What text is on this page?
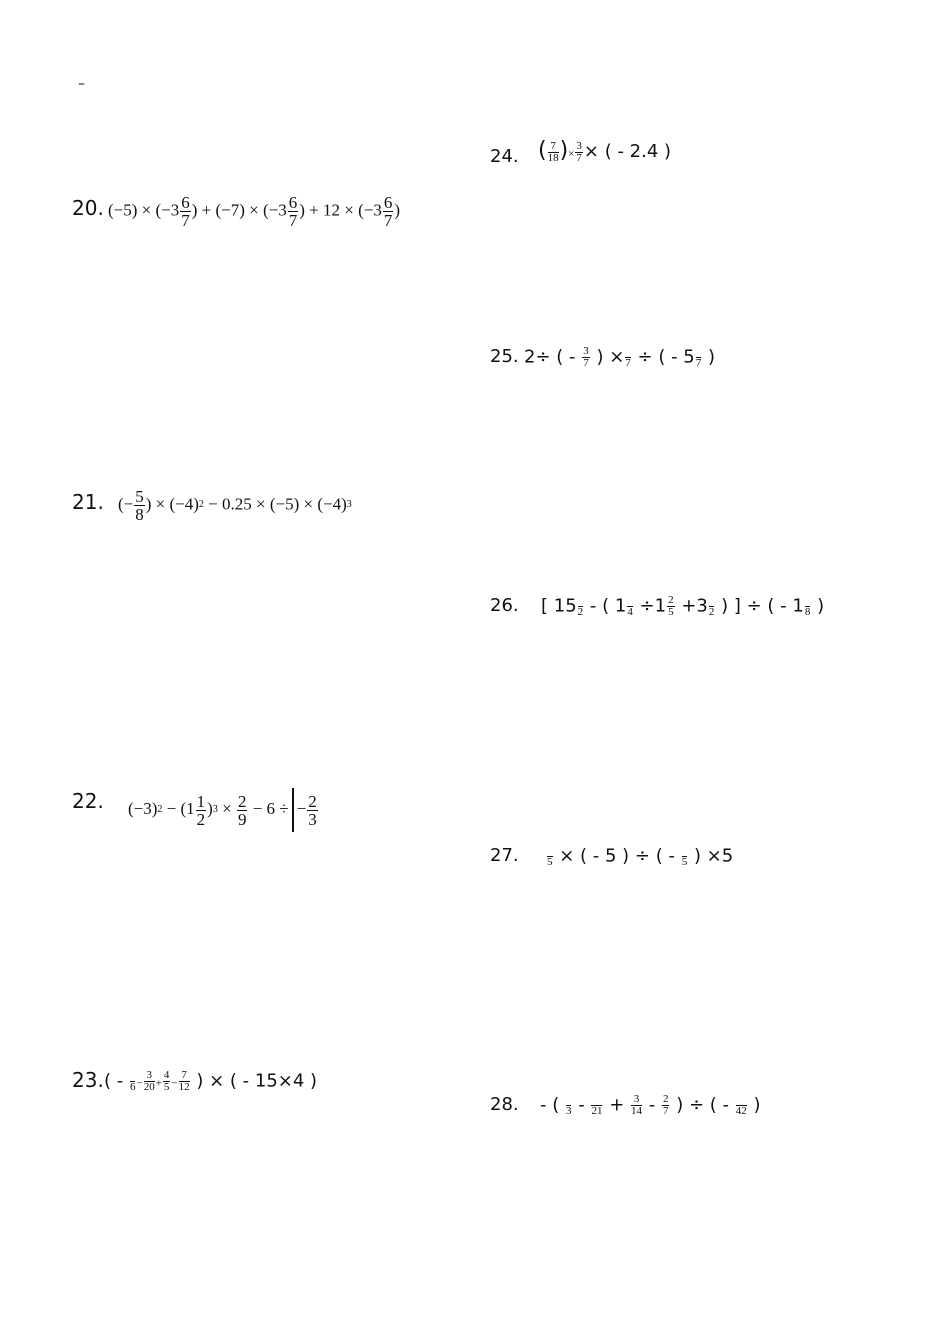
–
20. $(-5) \times (-3 \frac{6}{7}$ ) + $(-7) \times (-3 \frac{6}{7}$ ) + $12 \times (-3 \frac{6}{7}$ )
21. (− $\frac{5}{8}$ ) × (−4)2 − 0.25 × (−5) × (−4)3
22. $(-3)2 - (1 \frac{1}{2} )3 \times \frac{2}{9} - 6$ ÷ − $\frac{2}{3}$
23. ( -
$6 - \frac{3}{20} + \frac{4}{5} - \frac{7}{12}$ ) × ( - 15×4 )
24. ( $\frac{7}{18}$ )× $\frac{3}{7}$ × ( - 2.4 )
25. 2÷ ( - $\frac{3}{7}$ ) ×
7 ÷ ( - 5
7 )
26. [ 15
2 - ( 1
$4 \div 1 \frac{2}{5} +3$
2 ) ] ÷ ( - 1
8 )
27.
	5 × ( - 5 ) ÷ ( -
5 ) ×5
28. - (
3 -
$21 + \frac{3}{14} - \frac{2}{7}$ ) ÷ ( -
42 )
